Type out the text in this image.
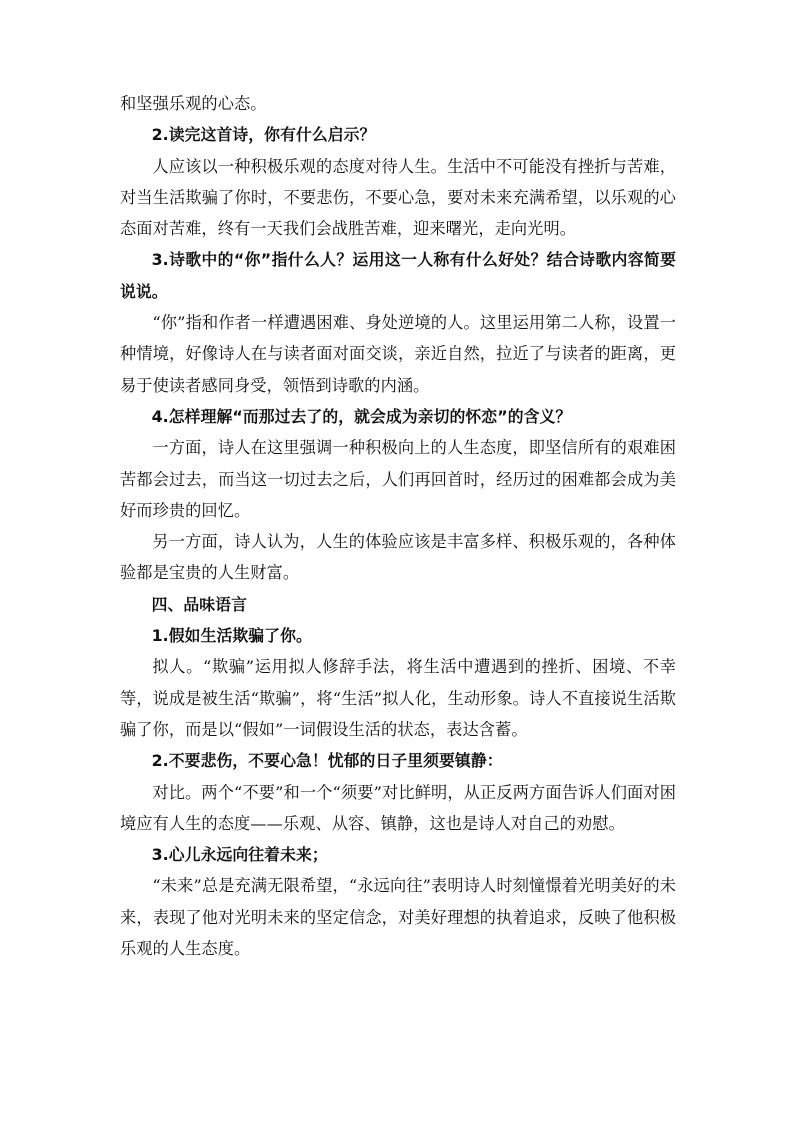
和坚强乐观的心态。

2.读完这首诗，你有什么启示？

人应该以一种积极乐观的态度对待人生。生活中不可能没有挫折与苦难，对当生活欺骗了你时，不要悲伤，不要心急，要对未来充满希望，以乐观的心态面对苦难，终有一天我们会战胜苦难，迎来曙光，走向光明。

3.诗歌中的“你”指什么人？运用这一人称有什么好处？结合诗歌内容简要说说。

“你”指和作者一样遭遇困难、身处逆境的人。这里运用第二人称，设置一种情境，好像诗人在与读者面对面交谈，亲近自然，拉近了与读者的距离，更易于使读者感同身受，领悟到诗歌的内涵。

4.怎样理解“而那过去了的，就会成为亲切的怀恋”的含义？

一方面，诗人在这里强调一种积极向上的人生态度，即坚信所有的艰难困苦都会过去，而当这一切过去之后，人们再回首时，经历过的困难都会成为美好而珍贵的回忆。

另一方面，诗人认为，人生的体验应该是丰富多样、积极乐观的，各种体验都是宝贵的人生财富。

四、品味语言

1.假如生活欺骗了你。

拟人。“欺骗”运用拟人修辞手法，将生活中遭遇到的挫折、困境、不幸等，说成是被生活“欺骗”，将“生活”拟人化，生动形象。诗人不直接说生活欺骗了你，而是以“假如”一词假设生活的状态，表达含蓄。

2.不要悲伤，不要心急！忧郁的日子里须要镇静：

对比。两个“不要”和一个“须要”对比鲜明，从正反两方面告诉人们面对困境应有人生的态度——乐观、从容、镇静，这也是诗人对自己的劝慰。

3.心儿永远向往着未来；

“未来”总是充满无限希望，“永远向往”表明诗人时刻憧憬着光明美好的未来，表现了他对光明未来的坚定信念，对美好理想的执着追求，反映了他积极乐观的人生态度。
